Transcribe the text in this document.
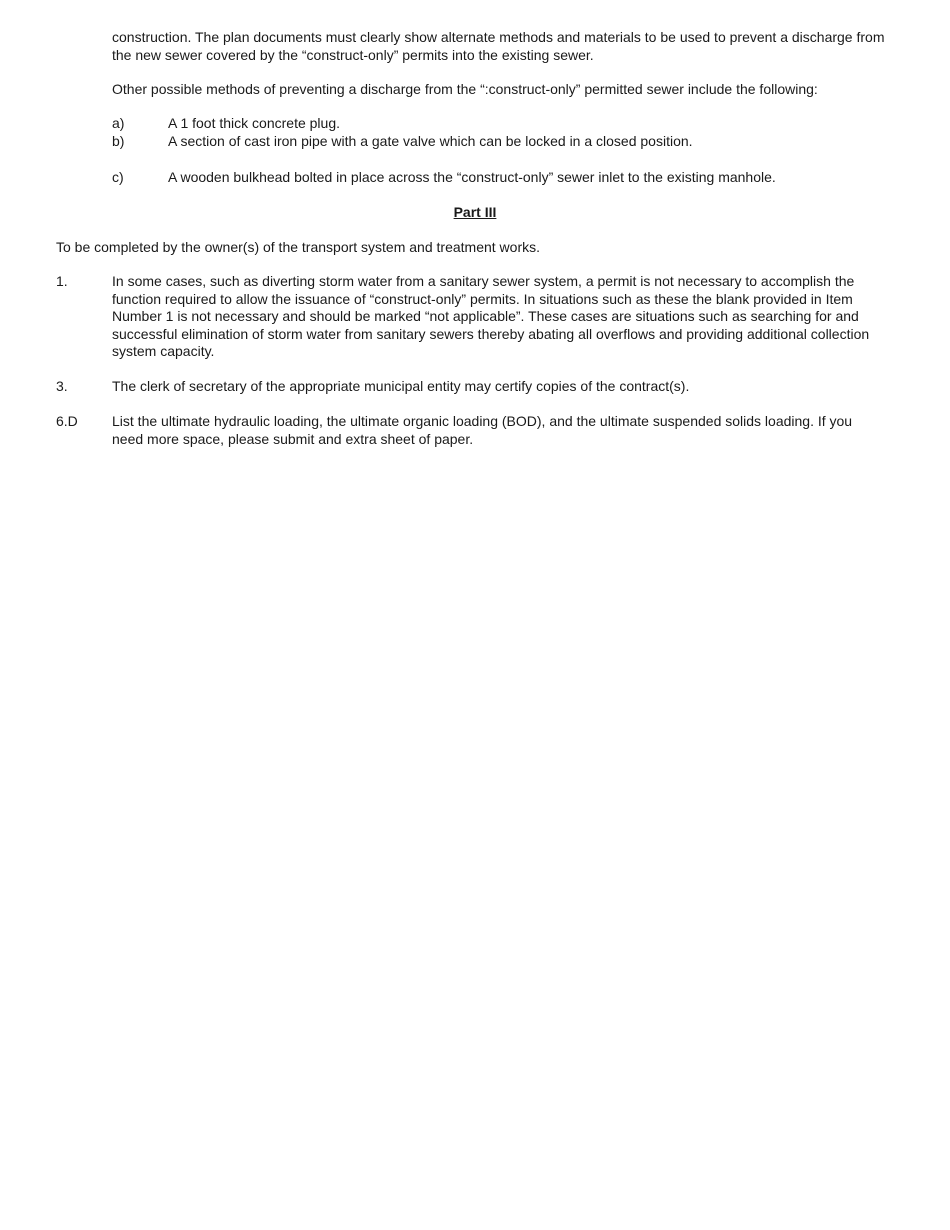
construction. The plan documents must clearly show alternate methods and materials to be used to prevent a discharge from the new sewer covered by the “construct-only” permits into the existing sewer.

Other possible methods of preventing a discharge from the “:construct-only” permitted sewer include the following:

a)	A 1 foot thick concrete plug.
b)	A section of cast iron pipe with a gate valve which can be locked in a closed position.
c)	A wooden bulkhead bolted in place across the “construct-only” sewer inlet to the existing manhole.
Part III

To be completed by the owner(s) of the transport system and treatment works.

1.	In some cases, such as diverting storm water from a sanitary sewer system, a permit is not necessary to accomplish the function required to allow the issuance of “construct-only” permits. In situations such as these the blank provided in Item Number 1 is not necessary and should be marked “not applicable”. These cases are situations such as searching for and successful elimination of storm water from sanitary sewers thereby abating all overflows and providing additional collection system capacity.
3.	The clerk of secretary of the appropriate municipal entity may certify copies of the contract(s).
6.D List the ultimate hydraulic loading, the ultimate organic loading (BOD), and the ultimate suspended solids loading. If you need more space, please submit and extra sheet of paper.
